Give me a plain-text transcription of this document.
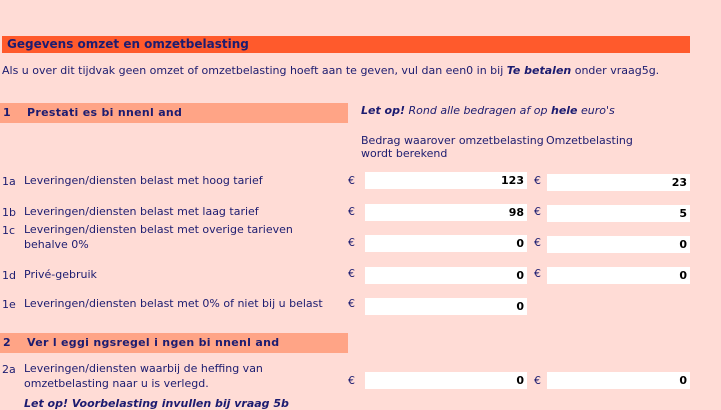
Gegevens omzet en omzetbelasting
Als u over dit tijdvak geen omzet of omzetbelasting hoeft aan te geven, vul dan een0 in bij Te betalen onder vraag5g.
1 Prestati es bi nnenl and	Let op! Rond alle bedragen af op hele euro's
Bedrag waarover omzetbelasting
wordt berekend
Omzetbelasting
1a Leveringen/diensten belast met hoog tarief	€	123 €	23
1b Leveringen/diensten belast met laag tarief	€	98 €	5
1c Leveringen/diensten belast met overige tarieven
behalve 0%	€	0 €	0
1d Privé-gebruik	€	0 €	0
1e Leveringen/diensten belast met 0% of niet bij u belast €	0
2 Ver l eggi ngsregel i ngen bi nnenl and
2a Leveringen/diensten waarbij de heffing van
omzetbelasting naar u is verlegd.	€	0 €	0
Let op! Voorbelasting invullen bij vraag 5b
